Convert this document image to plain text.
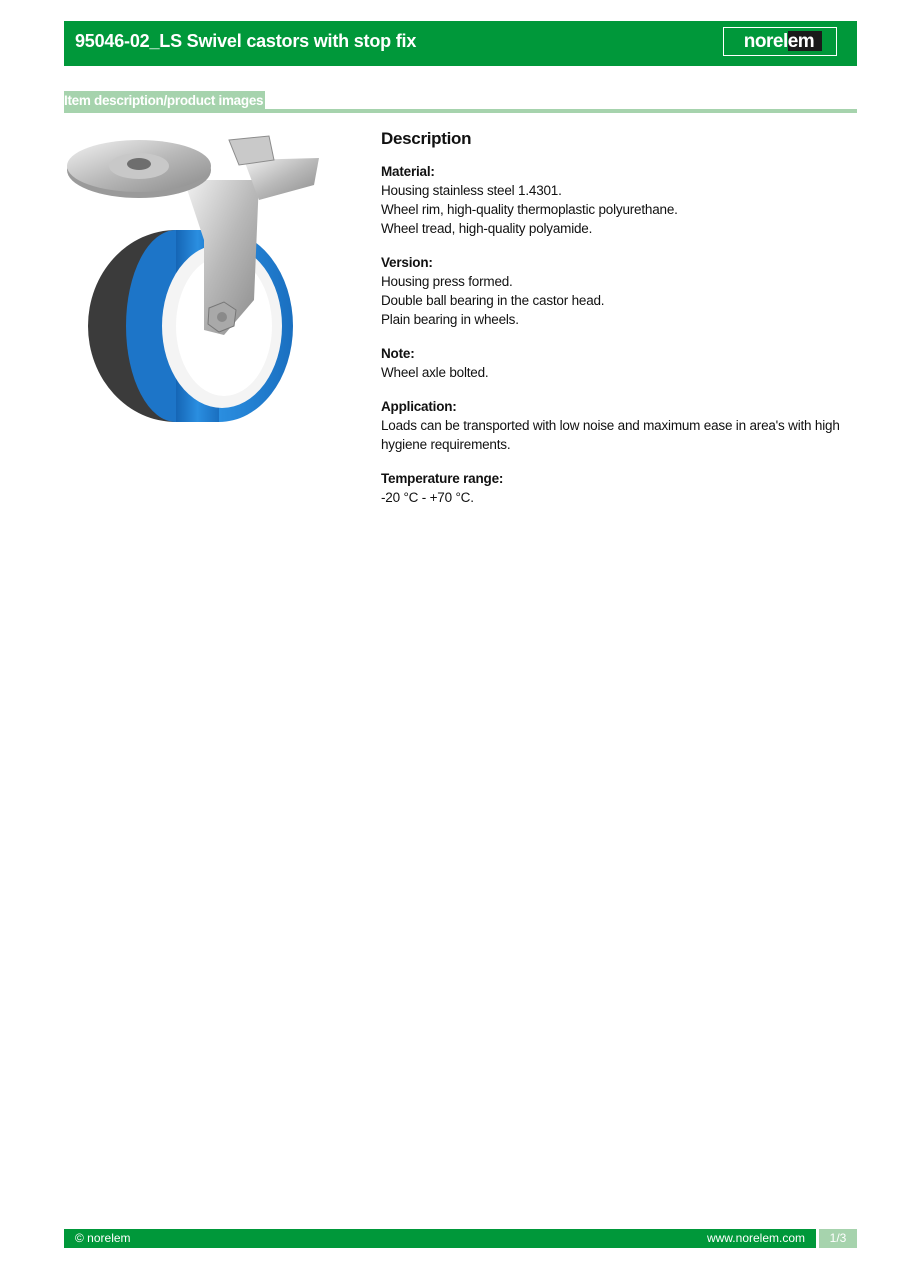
95046-02_LS Swivel castors with stop fix	norelem
Item description/product images
Description
Material:
Housing stainless steel 1.4301.
Wheel rim, high-quality thermoplastic polyurethane.
Wheel tread, high-quality polyamide.
Version:
Housing press formed.
Double ball bearing in the castor head.
Plain bearing in wheels.
Note:
Wheel axle bolted.
Application:
Loads can be transported with low noise and maximum ease in area's with high
hygiene requirements.
Temperature range:
-20 °C - +70 °C.
© norelem	www.norelem.com	1/3
